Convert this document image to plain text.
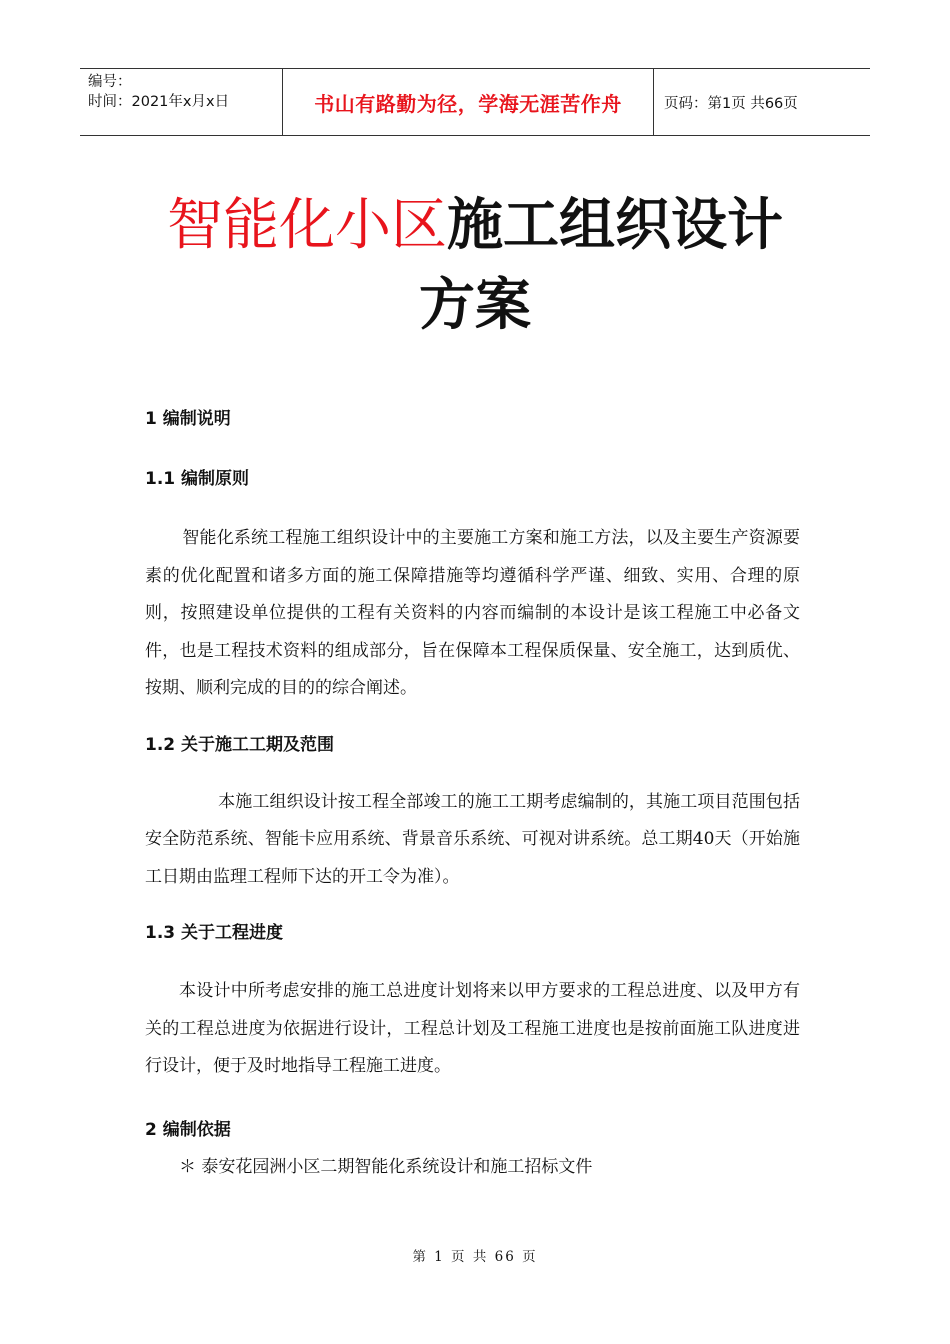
编号：
时间：2021年x月x日	书山有路勤为径，学海无涯苦作舟	页码：第1页 共66页
智能化小区施工组织设计
方案
1 编制说明
1.1 编制原则

智能化系统工程施工组织设计中的主要施工方案和施工方法，以及主要生产资源要素的优化配置和诸多方面的施工保障措施等均遵循科学严谨、细致、实用、合理的原则，按照建设单位提供的工程有关资料的内容而编制的本设计是该工程施工中必备文件，也是工程技术资料的组成部分，旨在保障本工程保质保量、安全施工，达到质优、按期、顺利完成的目的的综合阐述。

1.2 关于施工工期及范围

本施工组织设计按工程全部竣工的施工工期考虑编制的，其施工项目范围包括安全防范系统、智能卡应用系统、背景音乐系统、可视对讲系统。总工期40天（开始施工日期由监理工程师下达的开工令为准）。

1.3 关于工程进度

本设计中所考虑安排的施工总进度计划将来以甲方要求的工程总进度、以及甲方有关的工程总进度为依据进行设计，工程总计划及工程施工进度也是按前面施工队进度进行设计，便于及时地指导工程施工进度。

2 编制依据

＊ 泰安花园洲小区二期智能化系统设计和施工招标文件

第 1 页 共 66 页
